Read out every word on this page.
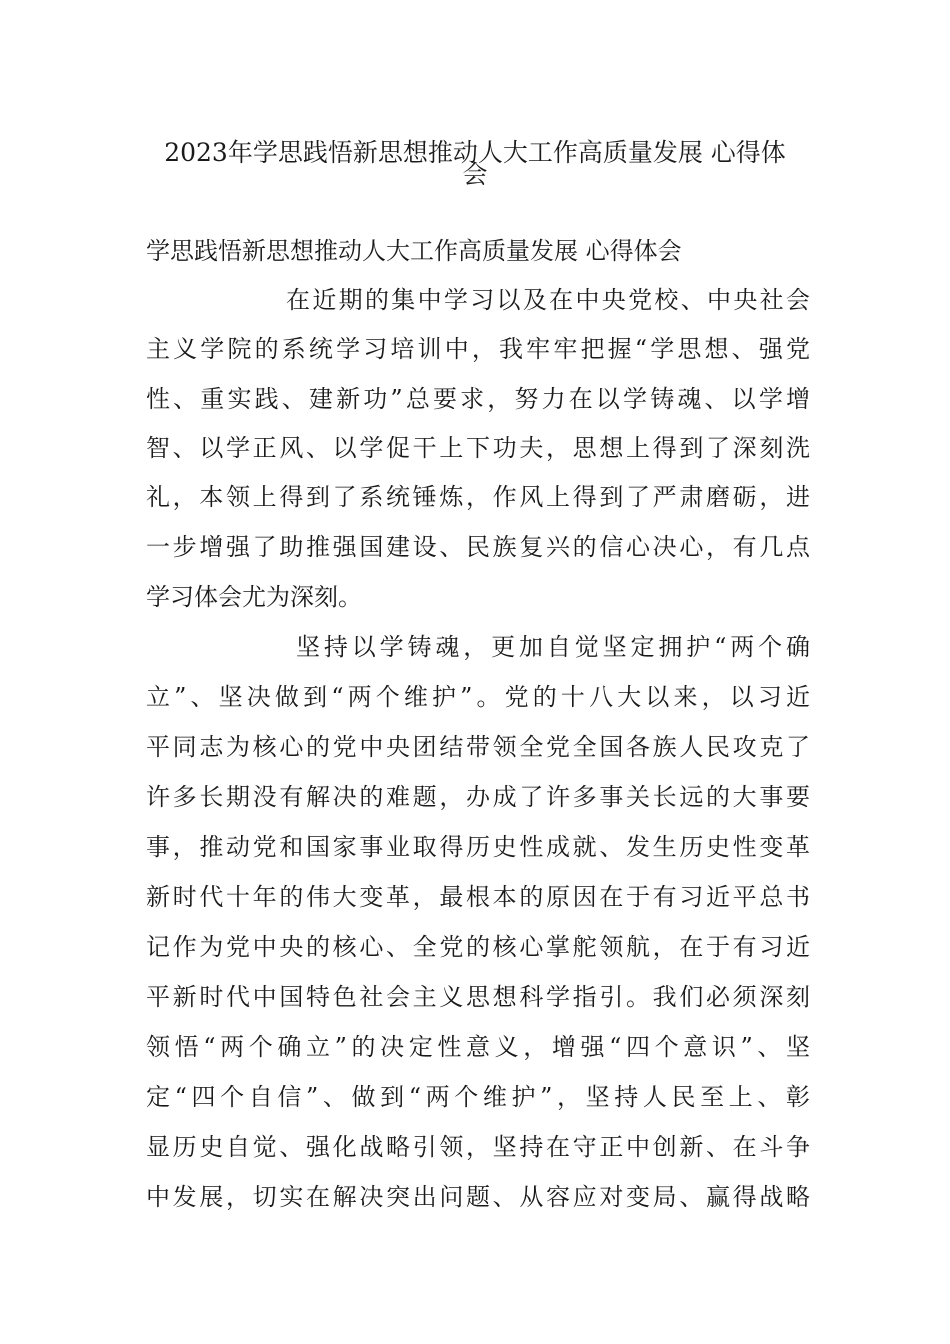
2023年学思践悟新思想推动人大工作高质量发展 心得体
会
学思践悟新思想推动人大工作高质量发展 心得体会
在近期的集中学习以及在中央党校、中央社会
主义学院的系统学习培训中，我牢牢把握“学思想、强党
性、重实践、建新功”总要求，努力在以学铸魂、以学增
智、以学正风、以学促干上下功夫，思想上得到了深刻洗
礼，本领上得到了系统锤炼，作风上得到了严肃磨砺，进
一步增强了助推强国建设、民族复兴的信心决心，有几点
学习体会尤为深刻。
坚持以学铸魂，更加自觉坚定拥护“两个确
立”、坚决做到“两个维护”。党的十八大以来，以习近
平同志为核心的党中央团结带领全党全国各族人民攻克了
许多长期没有解决的难题，办成了许多事关长远的大事要
事，推动党和国家事业取得历史性成就、发生历史性变革
新时代十年的伟大变革，最根本的原因在于有习近平总书
记作为党中央的核心、全党的核心掌舵领航，在于有习近
平新时代中国特色社会主义思想科学指引。我们必须深刻
领悟“两个确立”的决定性意义，增强“四个意识”、坚
定“四个自信”、做到“两个维护”，坚持人民至上、彰
显历史自觉、强化战略引领，坚持在守正中创新、在斗争
中发展，切实在解决突出问题、从容应对变局、赢得战略
